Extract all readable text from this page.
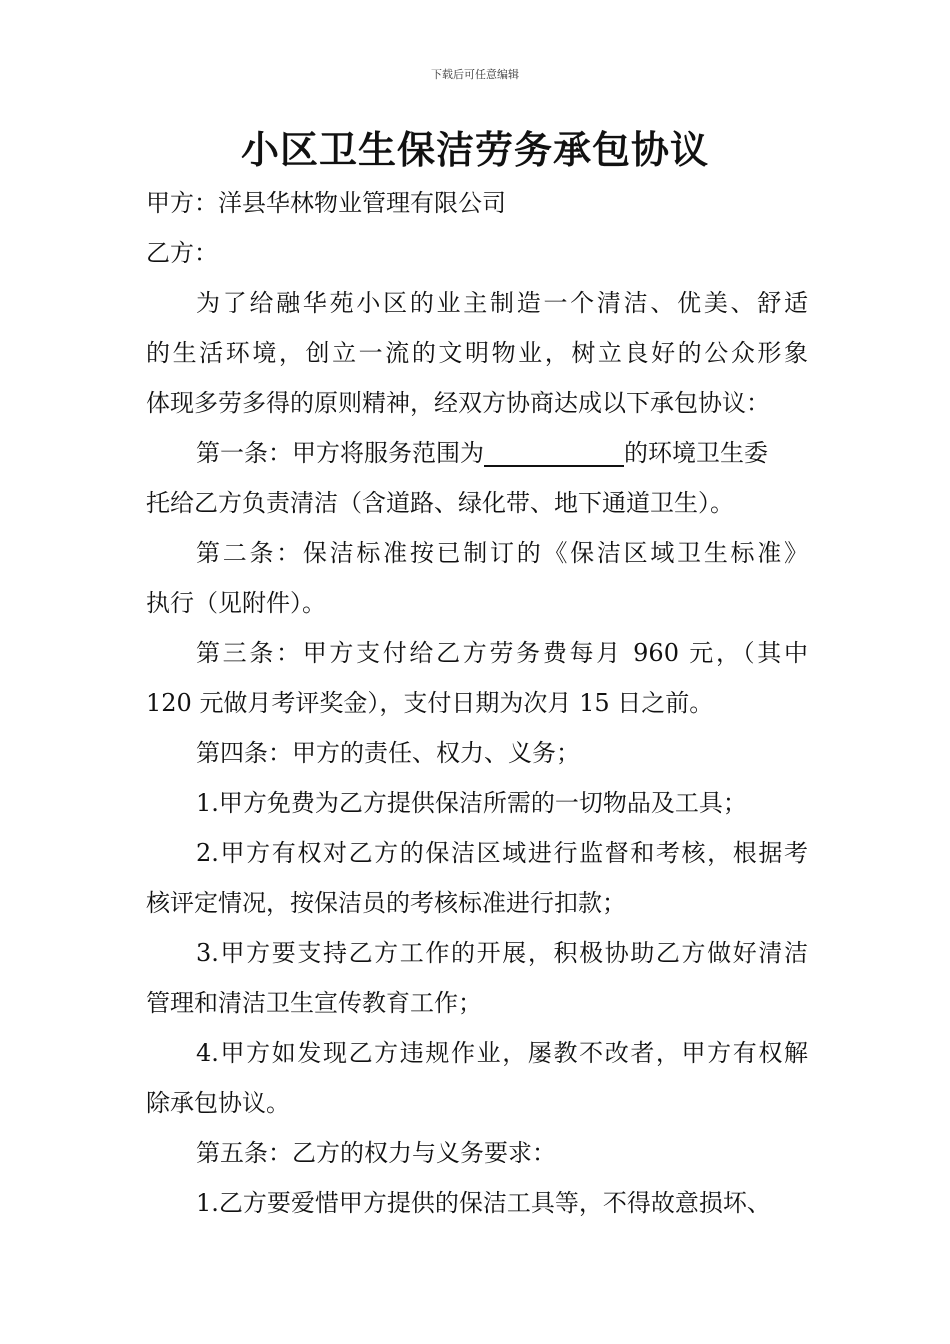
下载后可任意编辑
小区卫生保洁劳务承包协议
甲方：洋县华林物业管理有限公司
乙方：
为了给融华苑小区的业主制造一个清洁、优美、舒适
的生活环境，创立一流的文明物业，树立良好的公众形象
体现多劳多得的原则精神，经双方协商达成以下承包协议：
第一条：甲方将服务范围为	的环境卫生委
托给乙方负责清洁（含道路、绿化带、地下通道卫生）。
第二条：保洁标准按已制订的《保洁区域卫生标准》
执行（见附件）。
第三条：甲方支付给乙方劳务费每月 960 元，（其中
120 元做月考评奖金），支付日期为次月 15 日之前。
第四条：甲方的责任、权力、义务；
1.甲方免费为乙方提供保洁所需的一切物品及工具；
2.甲方有权对乙方的保洁区域进行监督和考核，根据考
核评定情况，按保洁员的考核标准进行扣款；
3.甲方要支持乙方工作的开展，积极协助乙方做好清洁
管理和清洁卫生宣传教育工作；
4.甲方如发现乙方违规作业，屡教不改者，甲方有权解
除承包协议。
第五条：乙方的权力与义务要求：
1.乙方要爱惜甲方提供的保洁工具等，不得故意损坏、
